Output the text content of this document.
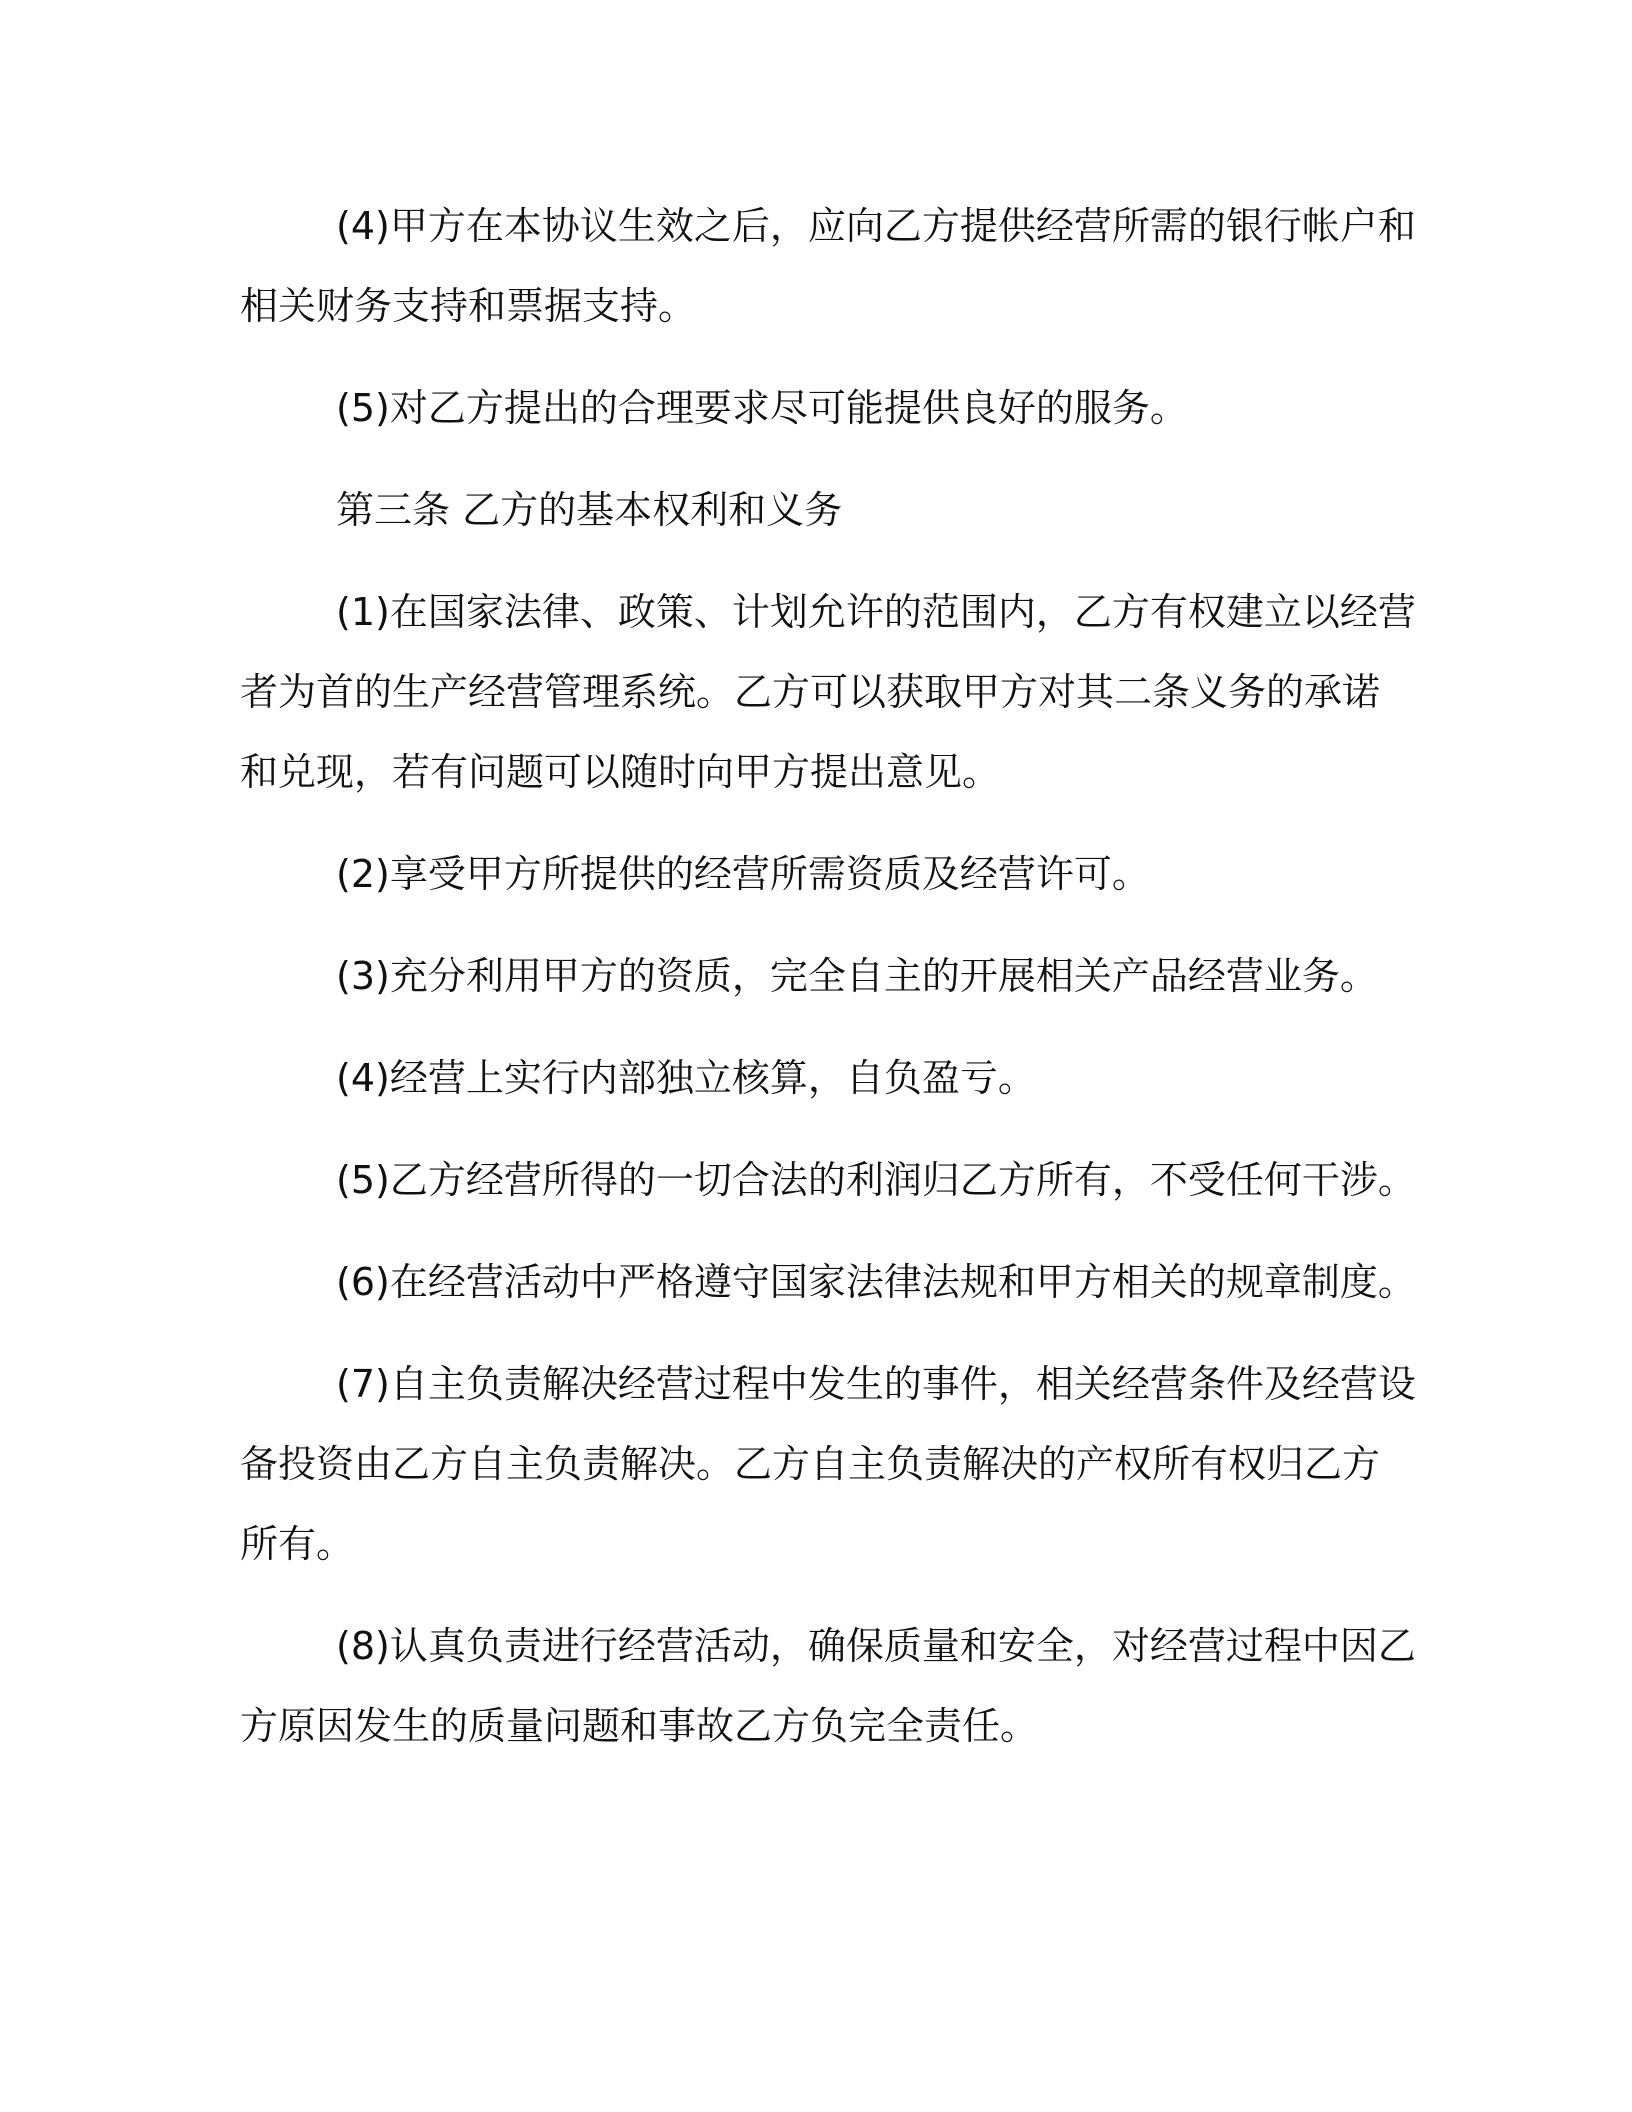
(4)甲方在本协议生效之后，应向乙方提供经营所需的银行帐户和
相关财务支持和票据支持。
(5)对乙方提出的合理要求尽可能提供良好的服务。
第三条 乙方的基本权利和义务
(1)在国家法律、政策、计划允许的范围内，乙方有权建立以经营
者为首的生产经营管理系统。乙方可以获取甲方对其二条义务的承诺
和兑现，若有问题可以随时向甲方提出意见。
(2)享受甲方所提供的经营所需资质及经营许可。
(3)充分利用甲方的资质，完全自主的开展相关产品经营业务。
(4)经营上实行内部独立核算，自负盈亏。
(5)乙方经营所得的一切合法的利润归乙方所有，不受任何干涉。
(6)在经营活动中严格遵守国家法律法规和甲方相关的规章制度。
(7)自主负责解决经营过程中发生的事件，相关经营条件及经营设
备投资由乙方自主负责解决。乙方自主负责解决的产权所有权归乙方
所有。
(8)认真负责进行经营活动，确保质量和安全，对经营过程中因乙
方原因发生的质量问题和事故乙方负完全责任。
